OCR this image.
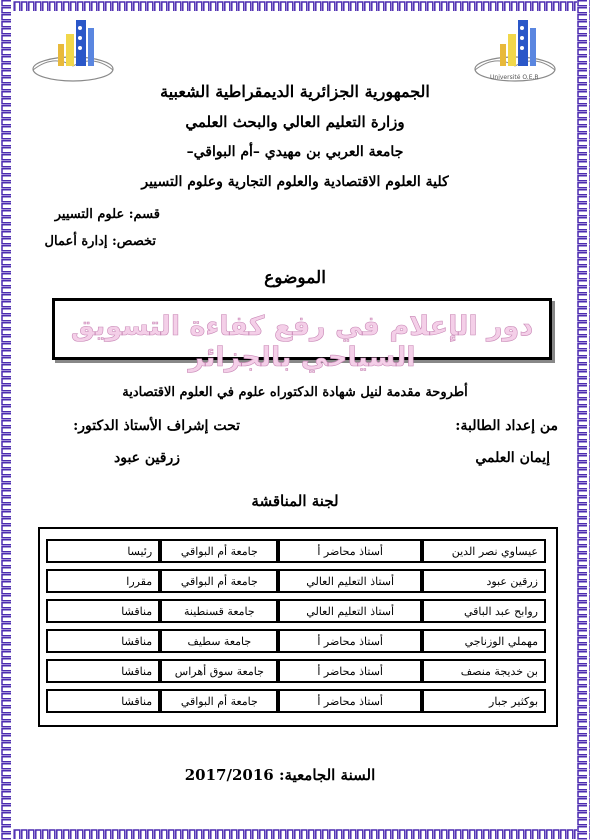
Université O.E.B
الجمهورية الجزائرية الديمقراطية الشعبية
وزارة التعليم العالي والبحث العلمي
جامعة العربي بن مهيدي –أم البواقي–
كلية العلوم الاقتصادية والعلوم التجارية وعلوم التسيير
قسم: علوم التسيير
تخصص: إدارة أعمال
الموضوع
دور الإعلام في رفع كفاءة التسويق السياحي بالجزائر
أطروحة مقدمة لنيل شهادة الدكتوراه علوم في العلوم الاقتصادية
من إعداد الطالبة:
تحت إشراف الأستاذ الدكتور:
إيمان العلمي
زرقين عبود
لجنة المناقشة
عيساوي نصر الدين	أستاذ محاضر أ	جامعة أم البواقي	رئيسا
زرقين عبود	أستاذ التعليم العالي	جامعة أم البواقي	مقررا
روابح عبد الباقي	أستاذ التعليم العالي	جامعة قسنطينة	مناقشا
مهملي الوزناجي	أستاذ محاضر أ	جامعة سطيف	مناقشا
بن خديجة منصف	أستاذ محاضر أ	جامعة سوق أهراس	مناقشا
بوكثير جبار	أستاذ محاضر أ	جامعة أم البواقي	مناقشا
السنة الجامعية: 2017/2016
